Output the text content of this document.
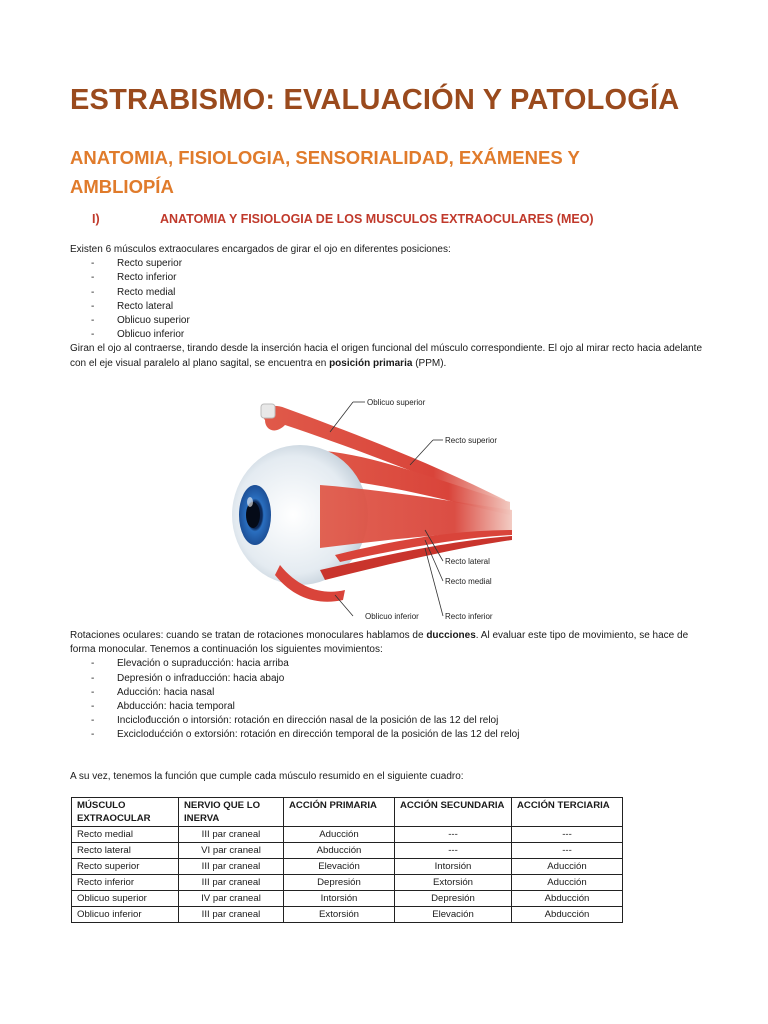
ESTRABISMO: EVALUACIÓN Y PATOLOGÍA
ANATOMIA, FISIOLOGIA, SENSORIALIDAD, EXÁMENES Y AMBLIOPÍA
I)	ANATOMIA Y FISIOLOGIA DE LOS MUSCULOS EXTRAOCULARES (MEO)
Existen 6 músculos extraoculares encargados de girar el ojo en diferentes posiciones:
- Recto superior
- Recto inferior
- Recto medial
- Recto lateral
- Oblicuo superior
- Oblicuo inferior
Giran el ojo al contraerse, tirando desde la inserción hacia el origen funcional del músculo correspondiente. El ojo al mirar recto hacia adelante con el eje visual paralelo al plano sagital, se encuentra en posición primaria (PPM).
Oblicuo superior
Recto superior
Recto lateral
Recto medial
Oblicuo inferior	Recto inferior
Rotaciones oculares: cuando se tratan de rotaciones monoculares hablamos de ducciones. Al evaluar este tipo de movimiento, se hace de forma monocular. Tenemos a continuación los siguientes movimientos:
- Elevación o supraducción: hacia arriba
- Depresión o infraducción: hacia abajo
- Aducción: hacia nasal
- Abducción: hacia temporal
- Inciclođucción o intorsión: rotación en dirección nasal de la posición de las 12 del reloj
- Exciclodućción o extorsión: rotación en dirección temporal de la posición de las 12 del reloj
A su vez, tenemos la función que cumple cada músculo resumido en el siguiente cuadro:
MÚSCULO EXTRAOCULAR	NERVIO QUE LO INERVA	ACCIÓN PRIMARIA	ACCIÓN SECUNDARIA	ACCIÓN TERCIARIA
Recto medial	III par craneal	Aducción	---	---
Recto lateral	VI par craneal	Abducción	---	---
Recto superior	III par craneal	Elevación	Intorsión	Aducción
Recto inferior	III par craneal	Depresión	Extorsión	Aducción
Oblicuo superior	IV par craneal	Intorsión	Depresión	Abducción
Oblicuo inferior	III par craneal	Extorsión	Elevación	Abducción
